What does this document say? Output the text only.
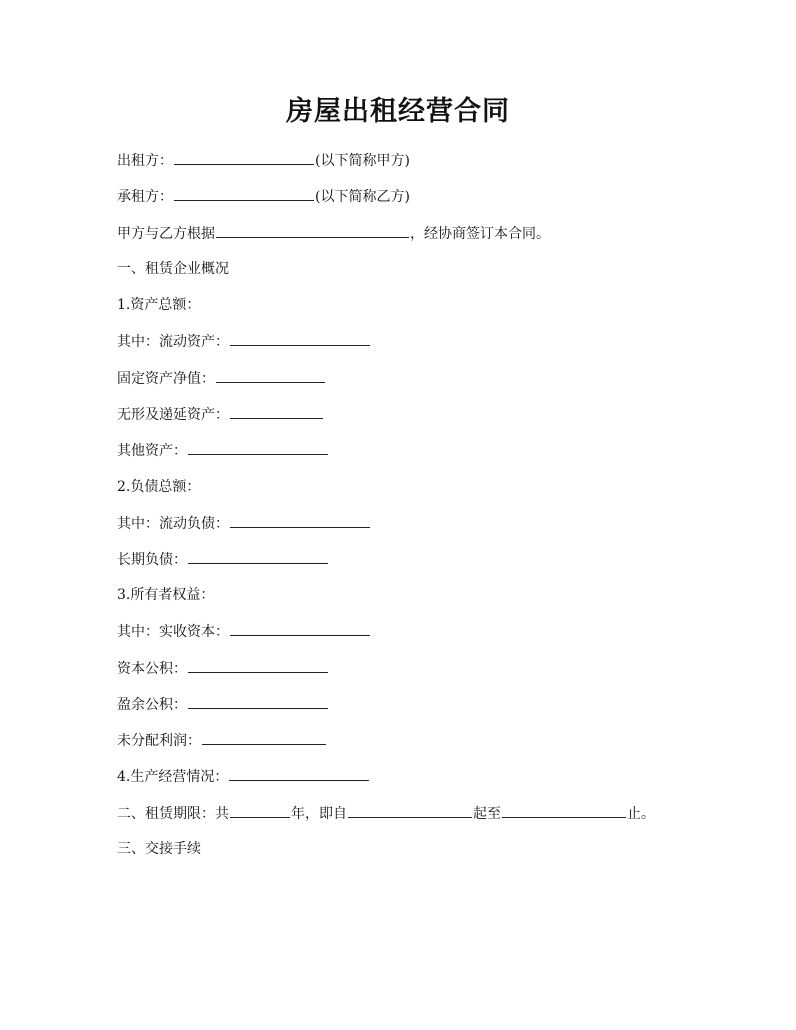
房屋出租经营合同
出租方：	(以下简称甲方)
承租方：	(以下简称乙方)
甲方与乙方根据	，经协商签订本合同。
一、租赁企业概况
1.资产总额：
其中：流动资产：
固定资产净值：
无形及递延资产：
其他资产：
2.负债总额：
其中：流动负债：
长期负债：
3.所有者权益：
其中：实收资本：
资本公积：
盈余公积：
未分配利润：
4.生产经营情况：
二、租赁期限：共	年，即自	起至	止。
三、交接手续
